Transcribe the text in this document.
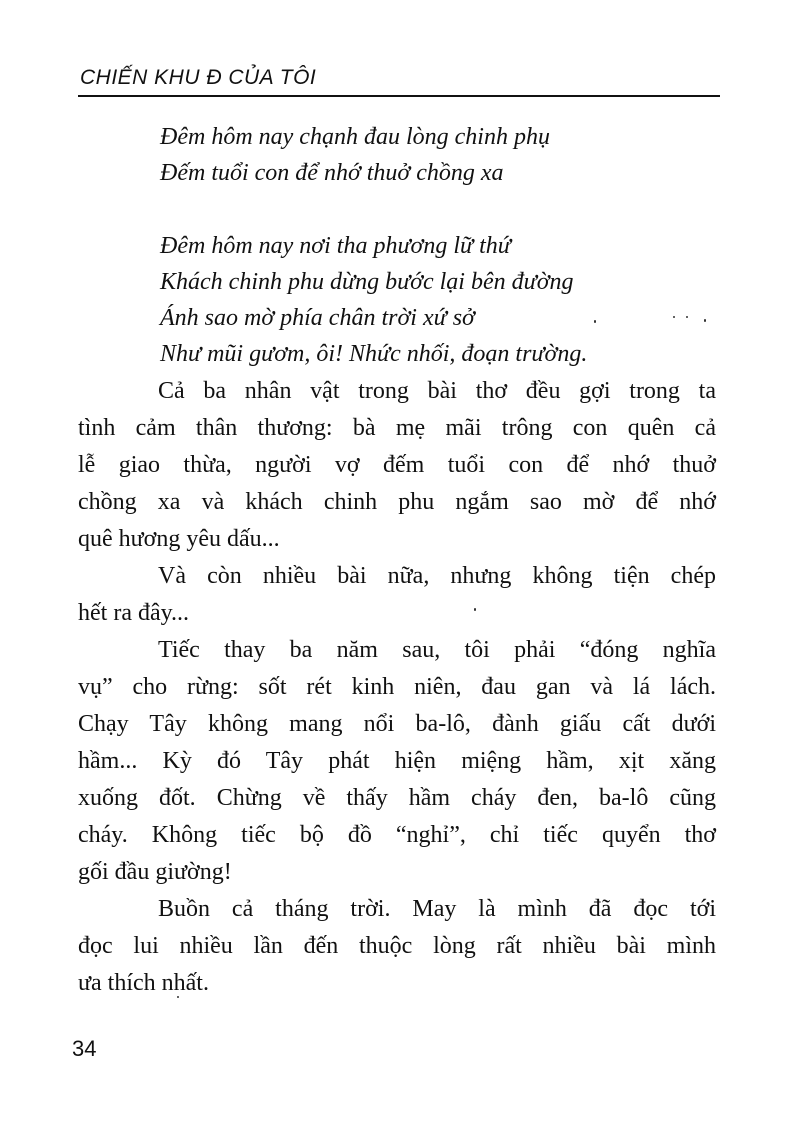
CHIẾN KHU Đ CỦA TÔI
Đêm hôm nay chạnh đau lòng chinh phụ
Đếm tuổi con để nhớ thuở chồng xa
Đêm hôm nay nơi tha phương lữ thứ
Khách chinh phu dừng bước lại bên đường
Ánh sao mờ phía chân trời xứ sở
Như mũi gươm, ôi! Nhức nhối, đoạn trường.
Cả ba nhân vật trong bài thơ đều gợi trong ta
tình cảm thân thương: bà mẹ mãi trông con quên cả
lễ giao thừa, người vợ đếm tuổi con để nhớ thuở
chồng xa và khách chinh phu ngắm sao mờ để nhớ
quê hương yêu dấu...
Và còn nhiều bài nữa, nhưng không tiện chép
hết ra đây...
Tiếc thay ba năm sau, tôi phải “đóng nghĩa
vụ” cho rừng: sốt rét kinh niên, đau gan và lá lách.
Chạy Tây không mang nổi ba-lô, đành giấu cất dưới
hầm... Kỳ đó Tây phát hiện miệng hầm, xịt xăng
xuống đốt. Chừng về thấy hầm cháy đen, ba-lô cũng
cháy. Không tiếc bộ đồ “nghỉ”, chỉ tiếc quyển thơ
gối đầu giường!
Buồn cả tháng trời. May là mình đã đọc tới
đọc lui nhiều lần đến thuộc lòng rất nhiều bài mình
ưa thích nhất.
34
